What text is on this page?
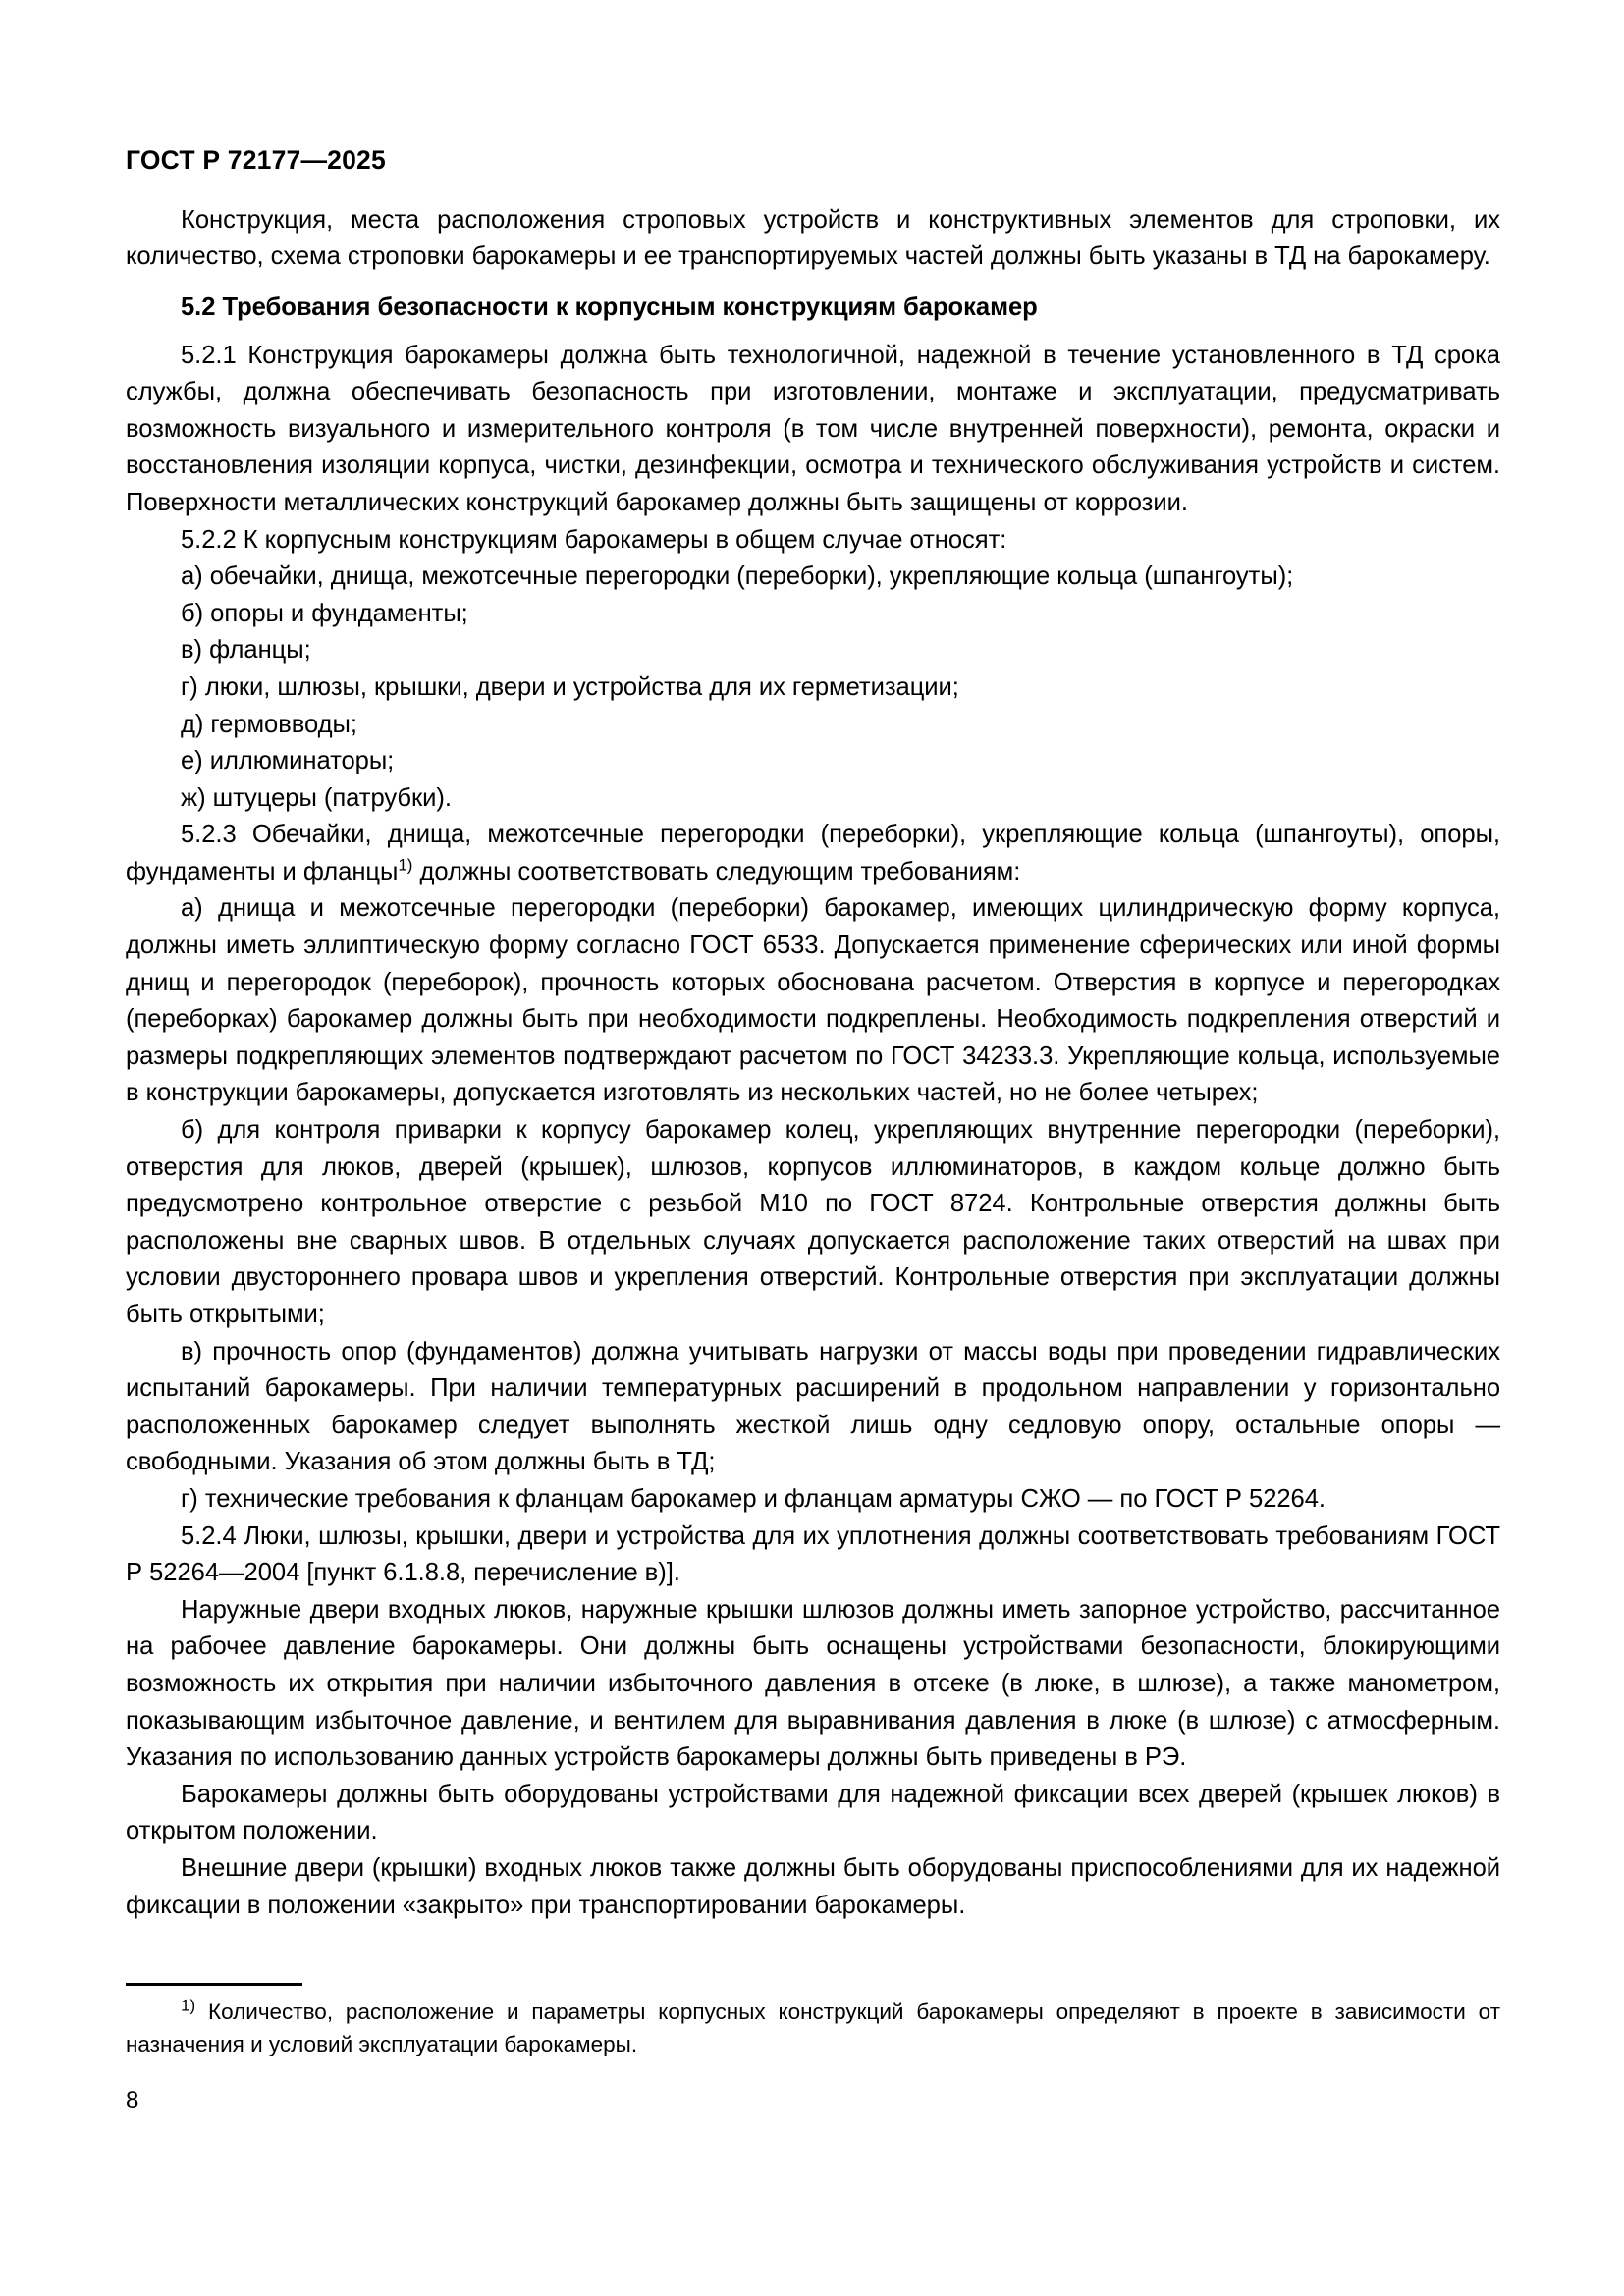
ГОСТ Р 72177—2025

Конструкция, места расположения строповых устройств и конструктивных элементов для строповки, их количество, схема строповки барокамеры и ее транспортируемых частей должны быть указаны в ТД на барокамеру.

5.2 Требования безопасности к корпусным конструкциям барокамер

5.2.1 Конструкция барокамеры должна быть технологичной, надежной в течение установленного в ТД срока службы, должна обеспечивать безопасность при изготовлении, монтаже и эксплуатации, предусматривать возможность визуального и измерительного контроля (в том числе внутренней поверхности), ремонта, окраски и восстановления изоляции корпуса, чистки, дезинфекции, осмотра и технического обслуживания устройств и систем. Поверхности металлических конструкций барокамер должны быть защищены от коррозии.

5.2.2 К корпусным конструкциям барокамеры в общем случае относят:

а) обечайки, днища, межотсечные перегородки (переборки), укрепляющие кольца (шпангоуты);

б) опоры и фундаменты;

в) фланцы;

г) люки, шлюзы, крышки, двери и устройства для их герметизации;

д) гермовводы;

е) иллюминаторы;

ж) штуцеры (патрубки).

5.2.3 Обечайки, днища, межотсечные перегородки (переборки), укрепляющие кольца (шпангоуты), опоры, фундаменты и фланцы$^{1)}$ должны соответствовать следующим требованиям:

а) днища и межотсечные перегородки (переборки) барокамер, имеющих цилиндрическую форму корпуса, должны иметь эллиптическую форму согласно ГОСТ 6533. Допускается применение сферических или иной формы днищ и перегородок (переборок), прочность которых обоснована расчетом. Отверстия в корпусе и перегородках (переборках) барокамер должны быть при необходимости подкреплены. Необходимость подкрепления отверстий и размеры подкрепляющих элементов подтверждают расчетом по ГОСТ 34233.3. Укрепляющие кольца, используемые в конструкции барокамеры, допускается изготовлять из нескольких частей, но не более четырех;

б) для контроля приварки к корпусу барокамер колец, укрепляющих внутренние перегородки (переборки), отверстия для люков, дверей (крышек), шлюзов, корпусов иллюминаторов, в каждом кольце должно быть предусмотрено контрольное отверстие с резьбой М10 по ГОСТ 8724. Контрольные отверстия должны быть расположены вне сварных швов. В отдельных случаях допускается расположение таких отверстий на швах при условии двустороннего провара швов и укрепления отверстий. Контрольные отверстия при эксплуатации должны быть открытыми;

в) прочность опор (фундаментов) должна учитывать нагрузки от массы воды при проведении гидравлических испытаний барокамеры. При наличии температурных расширений в продольном направлении у горизонтально расположенных барокамер следует выполнять жесткой лишь одну седловую опору, остальные опоры — свободными. Указания об этом должны быть в ТД;

г) технические требования к фланцам барокамер и фланцам арматуры СЖО — по ГОСТ Р 52264.

5.2.4 Люки, шлюзы, крышки, двери и устройства для их уплотнения должны соответствовать требованиям ГОСТ Р 52264—2004 [пункт 6.1.8.8, перечисление в)].

Наружные двери входных люков, наружные крышки шлюзов должны иметь запорное устройство, рассчитанное на рабочее давление барокамеры. Они должны быть оснащены устройствами безопасности, блокирующими возможность их открытия при наличии избыточного давления в отсеке (в люке, в шлюзе), а также манометром, показывающим избыточное давление, и вентилем для выравнивания давления в люке (в шлюзе) с атмосферным. Указания по использованию данных устройств барокамеры должны быть приведены в РЭ.

Барокамеры должны быть оборудованы устройствами для надежной фиксации всех дверей (крышек люков) в открытом положении.

Внешние двери (крышки) входных люков также должны быть оборудованы приспособлениями для их надежной фиксации в положении «закрыто» при транспортировании барокамеры.

$^{1)}$ Количество, расположение и параметры корпусных конструкций барокамеры определяют в проекте в зависимости от назначения и условий эксплуатации барокамеры.

8
